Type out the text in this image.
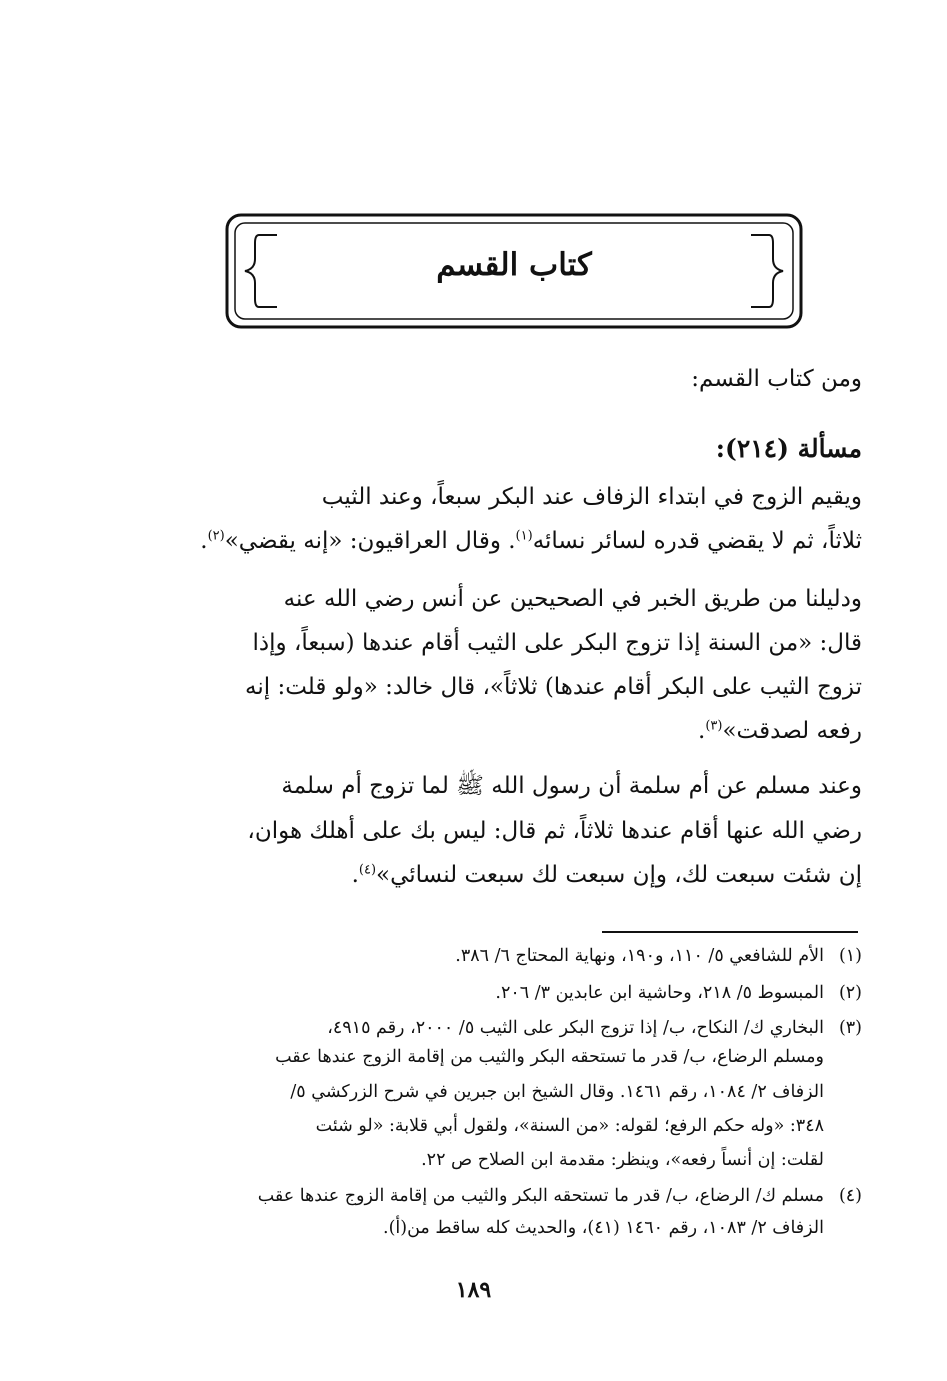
كتاب القسم
ومن كتاب القسم:
مسألة (٢١٤):
ويقيم الزوج في ابتداء الزفاف عند البكر سبعاً، وعند الثيب
ثلاثاً، ثم لا يقضي قدره لسائر نسائه$^{(١)}$. وقال العراقيون: «إنه يقضي»$^{(٢)}$.
ودليلنا من طريق الخبر في الصحيحين عن أنس رضي الله عنه
قال: «من السنة إذا تزوج البكر على الثيب أقام عندها (سبعاً، وإذا
تزوج الثيب على البكر أقام عندها) ثلاثاً»، قال خالد: «ولو قلت: إنه
رفعه لصدقت»$^{(٣)}$.
وعند مسلم عن أم سلمة أن رسول الله ﷺ لما تزوج أم سلمة
رضي الله عنها أقام عندها ثلاثاً، ثم قال: ليس بك على أهلك هوان،
إن شئت سبعت لك، وإن سبعت لك سبعت لنسائي»$^{(٤)}$.
(١)الأم للشافعي ٥/ ١١٠، و١٩٠، ونهاية المحتاج ٦/ ٣٨٦.
(٢)المبسوط ٥/ ٢١٨، وحاشية ابن عابدين ٣/ ٢٠٦.
(٣)البخاري ك/ النكاح، ب/ إذا تزوج البكر على الثيب ٥/ ٢٠٠٠، رقم ٤٩١٥،
ومسلم الرضاع، ب/ قدر ما تستحقه البكر والثيب من إقامة الزوج عندها عقب
الزفاف ٢/ ١٠٨٤، رقم ١٤٦١. وقال الشيخ ابن جبرين في شرح الزركشي ٥/
٣٤٨: «وله حكم الرفع؛ لقوله: «من السنة»، ولقول أبي قلابة: «لو شئت
لقلت: إن أنساً رفعه»، وينظر: مقدمة ابن الصلاح ص ٢٢.
(٤)مسلم ك/ الرضاع، ب/ قدر ما تستحقه البكر والثيب من إقامة الزوج عندها عقب
الزفاف ٢/ ١٠٨٣، رقم ١٤٦٠ (٤١)، والحديث كله ساقط من(أ).
١٨٩
